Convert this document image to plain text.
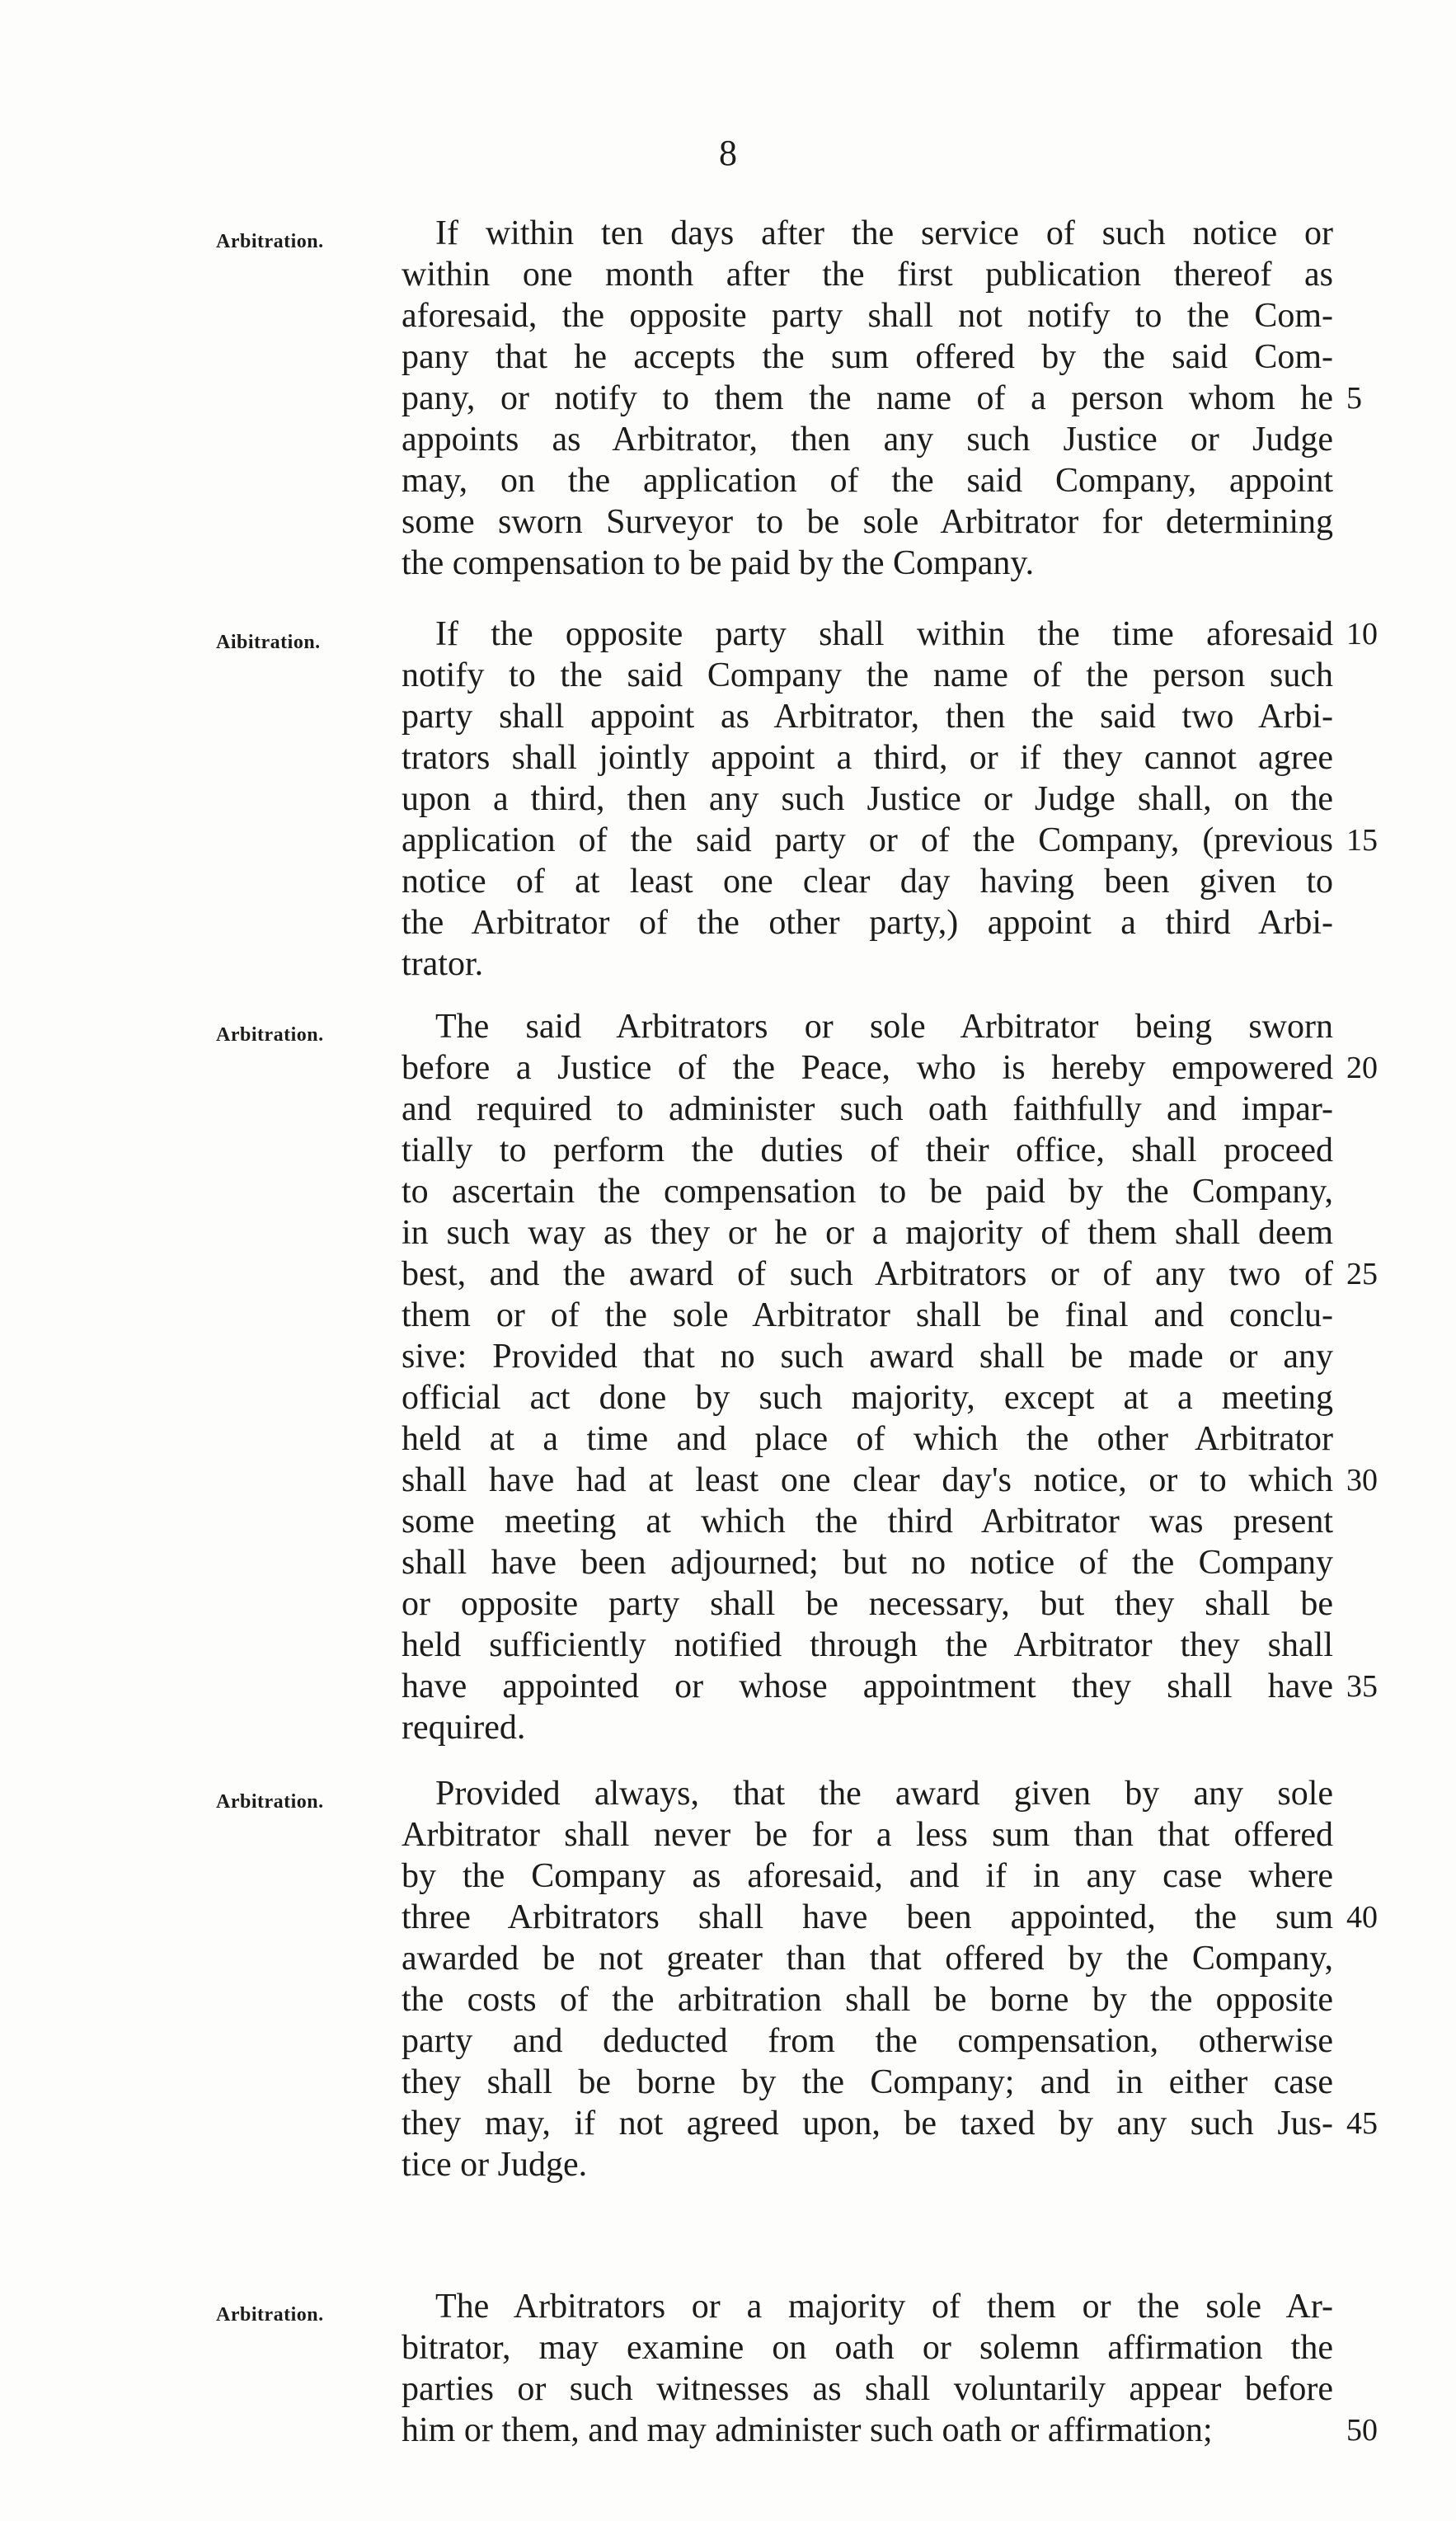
8
Arbitration.	If within ten days after the service of such notice or
within one month after the first publication thereof as
aforesaid, the opposite party shall not notify to the Com-
pany that he accepts the sum offered by the said Com-
pany, or notify to them the name of a person whom he 5
appoints as Arbitrator, then any such Justice or Judge
may, on the application of the said Company, appoint
some sworn Surveyor to be sole Arbitrator for determining
the compensation to be paid by the Company.
Aibitration.	If the opposite party shall within the time aforesaid 10
notify to the said Company the name of the person such
party shall appoint as Arbitrator, then the said two Arbi-
trators shall jointly appoint a third, or if they cannot agree
upon a third, then any such Justice or Judge shall, on the
application of the said party or of the Company, (previous 15
notice of at least one clear day having been given to
the Arbitrator of the other party,) appoint a third Arbi-
trator.
Arbitration.	The said Arbitrators or sole Arbitrator being sworn
before a Justice of the Peace, who is hereby empowered 20
and required to administer such oath faithfully and impar-
tially to perform the duties of their office, shall proceed
to ascertain the compensation to be paid by the Company,
in such way as they or he or a majority of them shall deem
best, and the award of such Arbitrators or of any two of 25
them or of the sole Arbitrator shall be final and conclu-
sive: Provided that no such award shall be made or any
official act done by such majority, except at a meeting
held at a time and place of which the other Arbitrator
shall have had at least one clear day's notice, or to which 30
some meeting at which the third Arbitrator was present
shall have been adjourned; but no notice of the Company
or opposite party shall be necessary, but they shall be
held sufficiently notified through the Arbitrator they shall
have appointed or whose appointment they shall have 35
required.
Arbitration.	Provided always, that the award given by any sole
Arbitrator shall never be for a less sum than that offered
by the Company as aforesaid, and if in any case where
three Arbitrators shall have been appointed, the sum 40
awarded be not greater than that offered by the Company,
the costs of the arbitration shall be borne by the opposite
party and deducted from the compensation, otherwise
they shall be borne by the Company; and in either case
they may, if not agreed upon, be taxed by any such Jus- 45
tice or Judge.
Arbitration.	The Arbitrators or a majority of them or the sole Ar-
bitrator, may examine on oath or solemn affirmation the
parties or such witnesses as shall voluntarily appear before
him or them, and may administer such oath or affirmation;	50
